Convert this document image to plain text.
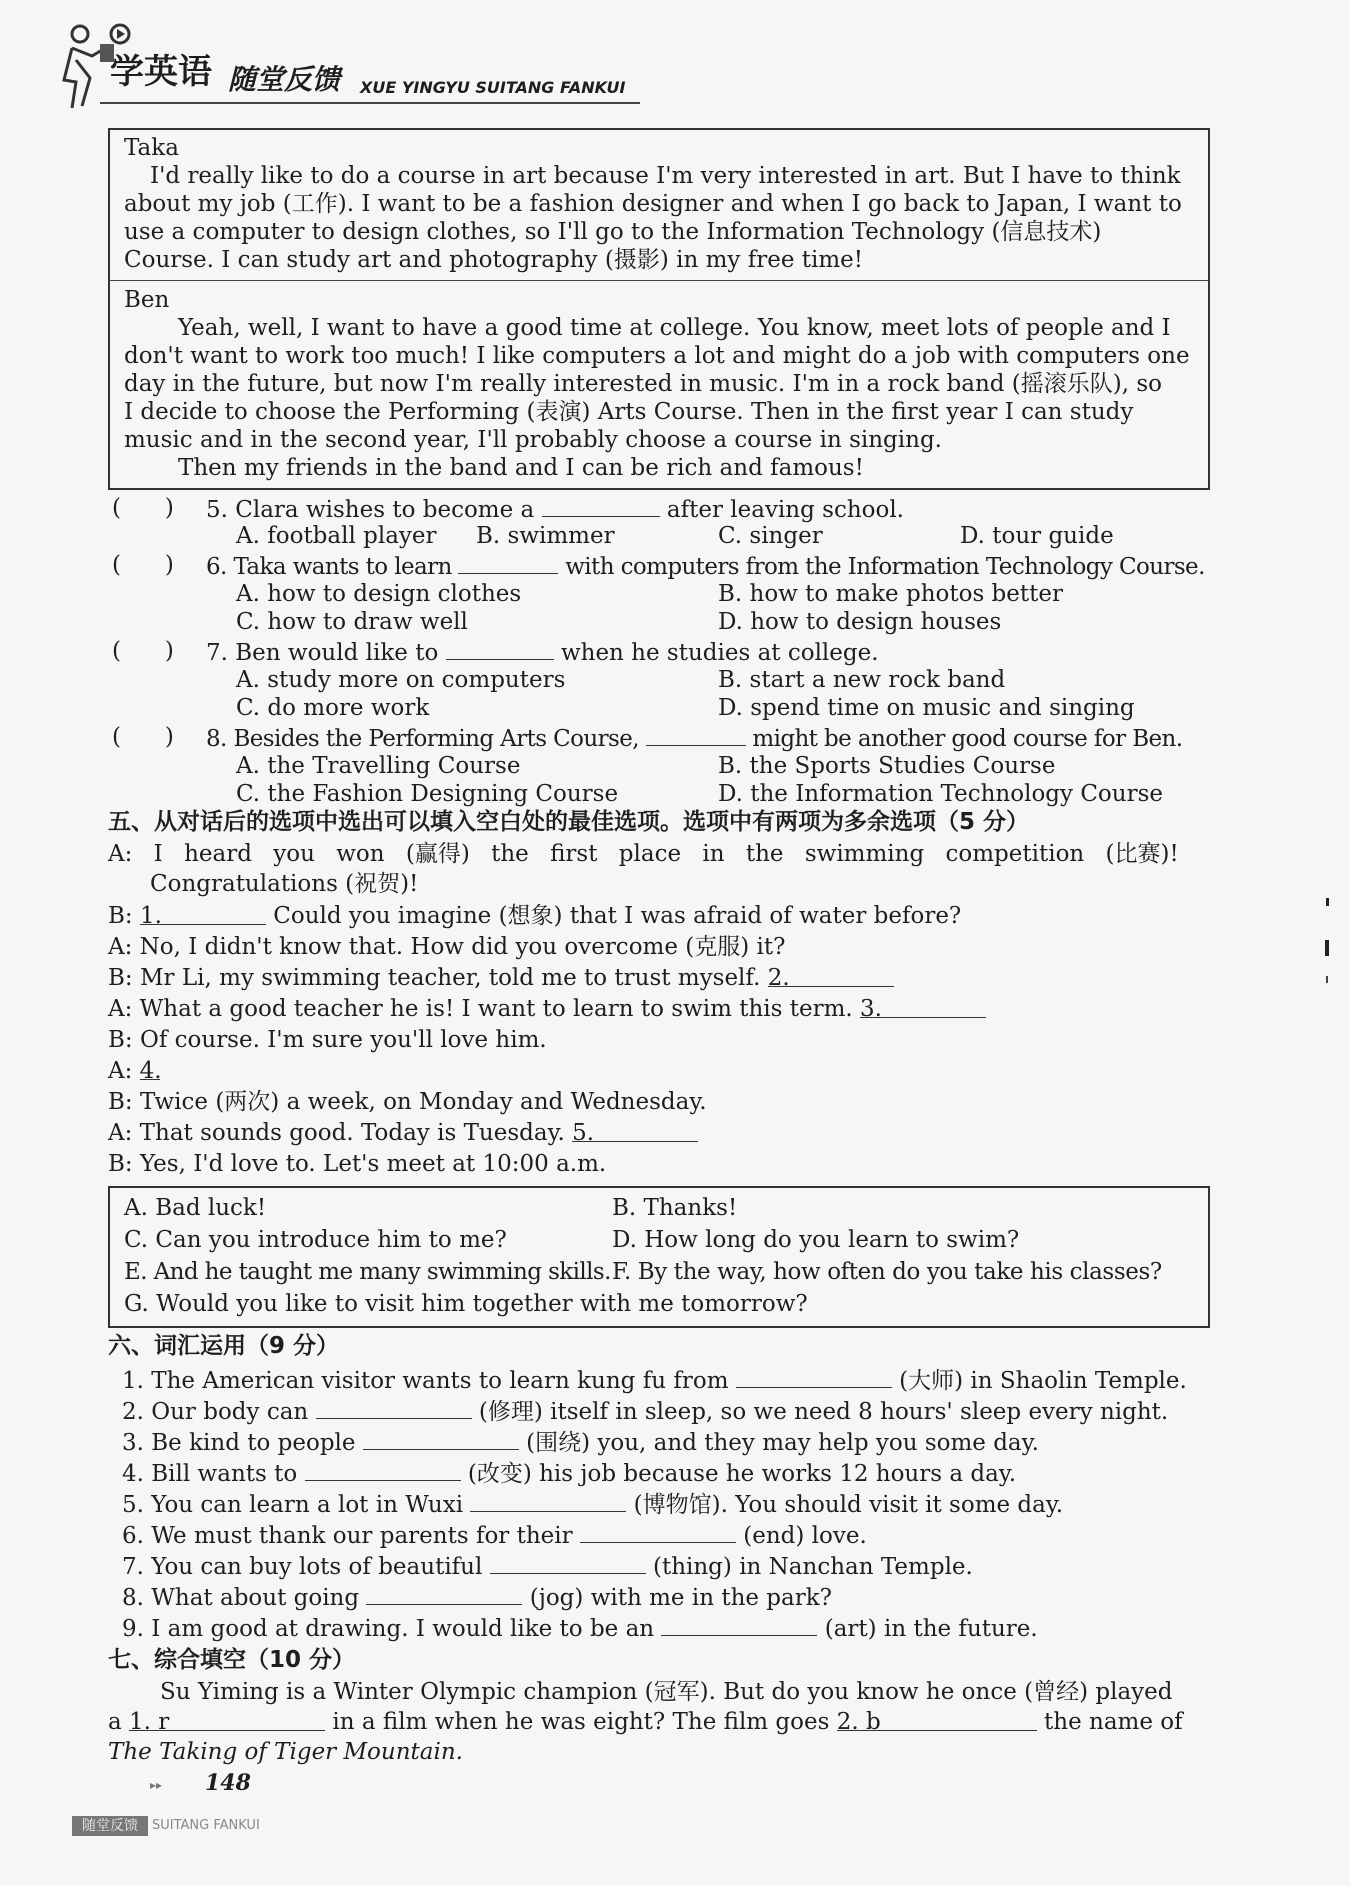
学英语 随堂反馈 XUE YINGYU SUITANG FANKUI
Taka
I'd really like to do a course in art because I'm very interested in art. But I have to think
about my job (工作). I want to be a fashion designer and when I go back to Japan, I want to
use a computer to design clothes, so I'll go to the Information Technology (信息技术)
Course. I can study art and photography (摄影) in my free time!
Ben
Yeah, well, I want to have a good time at college. You know, meet lots of people and I
don't want to work too much! I like computers a lot and might do a job with computers one
day in the future, but now I'm really interested in music. I'm in a rock band (摇滚乐队), so
I decide to choose the Performing (表演) Arts Course. Then in the first year I can study
music and in the second year, I'll probably choose a course in singing.
Then my friends in the band and I can be rich and famous!
(      ) 5. Clara wishes to become a	after leaving school.
A. football player B. swimmer	C. singer	D. tour guide
(      ) 6. Taka wants to learn	with computers from the Information Technology Course.
A. how to design clothes	B. how to make photos better
C. how to draw well	D. how to design houses
(      ) 7. Ben would like to	when he studies at college.
A. study more on computers	B. start a new rock band
C. do more work	D. spend time on music and singing
(      ) 8. Besides the Performing Arts Course,	might be another good course for Ben.
A. the Travelling Course	B. the Sports Studies Course
C. the Fashion Designing Course	D. the Information Technology Course
五、从对话后的选项中选出可以填入空白处的最佳选项。选项中有两项为多余选项（5 分）
A: I heard you won (赢得) the first place in the swimming competition (比赛)!
Congratulations (祝贺)!
B: 1.	Could you imagine (想象) that I was afraid of water before?
A: No, I didn't know that. How did you overcome (克服) it?
B: Mr Li, my swimming teacher, told me to trust myself. 2.
A: What a good teacher he is! I want to learn to swim this term. 3.
B: Of course. I'm sure you'll love him.
A: 4.
B: Twice (两次) a week, on Monday and Wednesday.
A: That sounds good. Today is Tuesday. 5.
B: Yes, I'd love to. Let's meet at 10:00 a.m.
A. Bad luck!	B. Thanks!
C. Can you introduce him to me?	D. How long do you learn to swim?
E. And he taught me many swimming skills. F. By the way, how often do you take his classes?
G. Would you like to visit him together with me tomorrow?
六、词汇运用（9 分）
1. The American visitor wants to learn kung fu from	(大师) in Shaolin Temple.
2. Our body can	(修理) itself in sleep, so we need 8 hours' sleep every night.
3. Be kind to people	(围绕) you, and they may help you some day.
4. Bill wants to	(改变) his job because he works 12 hours a day.
5. You can learn a lot in Wuxi	(博物馆). You should visit it some day.
6. We must thank our parents for their	(end) love.
7. You can buy lots of beautiful	(thing) in Nanchan Temple.
8. What about going	(jog) with me in the park?
9. I am good at drawing. I would like to be an	(art) in the future.
七、综合填空（10 分）
Su Yiming is a Winter Olympic champion (冠军). But do you know he once (曾经) played
a 1. r	in a film when he was eight? The film goes 2. b	the name of
The Taking of Tiger Mountain.
▸▸ 148
随堂反馈	SUITANG FANKUI
